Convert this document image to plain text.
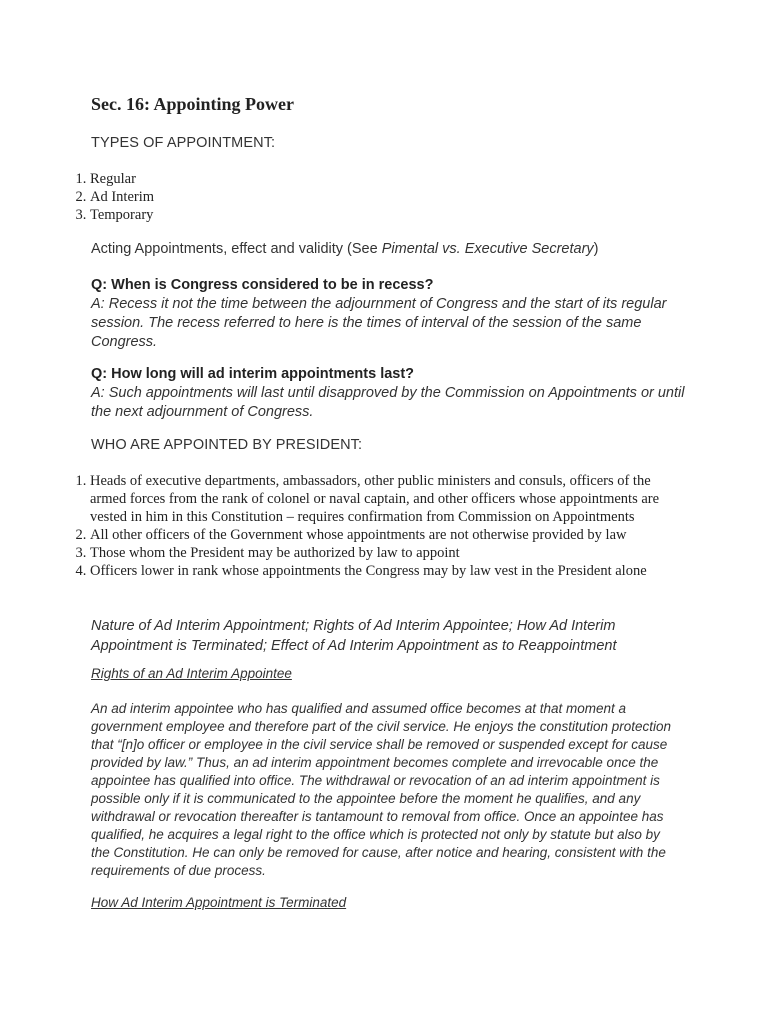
Sec. 16: Appointing Power

TYPES OF APPOINTMENT:

1. Regular
2. Ad Interim
3. Temporary

Acting Appointments, effect and validity (See Pimental vs. Executive Secretary)

Q: When is Congress considered to be in recess?
A: Recess it not the time between the adjournment of Congress and the start of its regular session. The recess referred to here is the times of interval of the session of the same Congress.

Q: How long will ad interim appointments last?
A: Such appointments will last until disapproved by the Commission on Appointments or until the next adjournment of Congress.

WHO ARE APPOINTED BY PRESIDENT:

1. Heads of executive departments, ambassadors, other public ministers and consuls, officers of the armed forces from the rank of colonel or naval captain, and other officers whose appointments are vested in him in this Constitution – requires confirmation from Commission on Appointments
2. All other officers of the Government whose appointments are not otherwise provided by law
3. Those whom the President may be authorized by law to appoint
4. Officers lower in rank whose appointments the Congress may by law vest in the President alone

Nature of Ad Interim Appointment; Rights of Ad Interim Appointee; How Ad Interim Appointment is Terminated; Effect of Ad Interim Appointment as to Reappointment

Rights of an Ad Interim Appointee

An ad interim appointee who has qualified and assumed office becomes at that moment a government employee and therefore part of the civil service. He enjoys the constitution protection that “[n]o officer or employee in the civil service shall be removed or suspended except for cause provided by law.” Thus, an ad interim appointment becomes complete and irrevocable once the appointee has qualified into office. The withdrawal or revocation of an ad interim appointment is possible only if it is communicated to the appointee before the moment he qualifies, and any withdrawal or revocation thereafter is tantamount to removal from office. Once an appointee has qualified, he acquires a legal right to the office which is protected not only by statute but also by the Constitution. He can only be removed for cause, after notice and hearing, consistent with the requirements of due process.

How Ad Interim Appointment is Terminated
